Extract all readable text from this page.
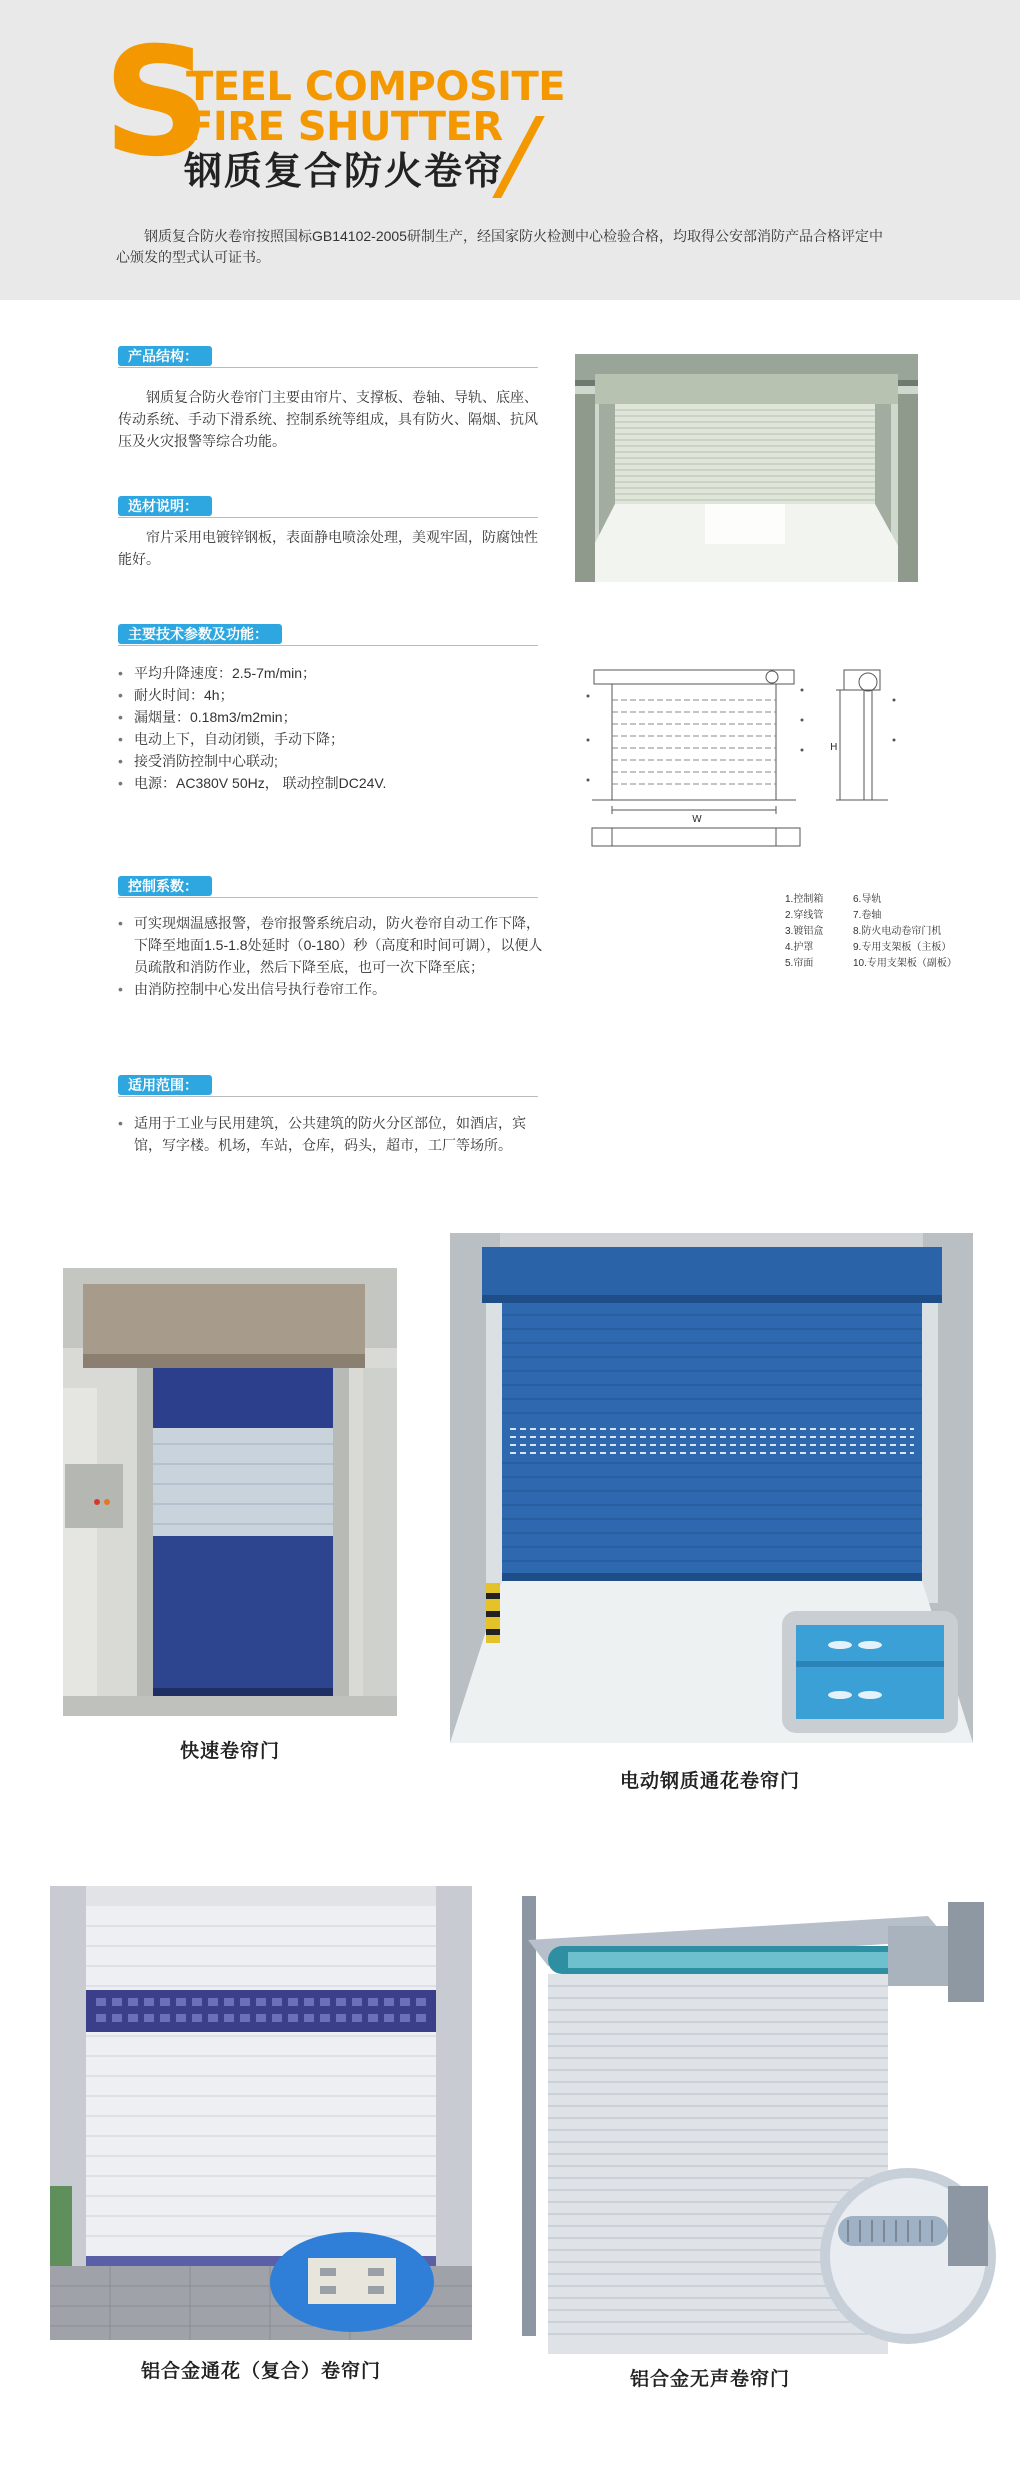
S
TEEL COMPOSITE
FIRE SHUTTER
钢质复合防火卷帘

钢质复合防火卷帘按照国标GB14102-2005研制生产，经国家防火检测中心检验合格，均取得公安部消防产品合格评定中心颁发的型式认可证书。

产品结构：

钢质复合防火卷帘门主要由帘片、支撑板、卷轴、导轨、底座、传动系统、手动下滑系统、控制系统等组成，具有防火、隔烟、抗风压及火灾报警等综合功能。

选材说明：

帘片采用电镀锌钢板，表面静电喷涂处理，美观牢固，防腐蚀性能好。

主要技术参数及功能：
• 平均升降速度：2.5-7m/min；
• 耐火时间：4h；
• 漏烟量：0.18m3/m2min；
• 电动上下，自动闭锁，手动下降；
• 接受消防控制中心联动;
• 电源：AC380V 50Hz， 联动控制DC24V.
W
H
1.控制箱
2.穿线管
3.镀铝盒
4.护罩
5.帘面
6.导轨
7.卷轴
8.防火电动卷帘门机
9.专用支架板（主板）
10.专用支架板（副板）
控制系数：
• 可实现烟温感报警，卷帘报警系统启动，防火卷帘自动工作下降，下降至地面1.5-1.8处延时（0-180）秒（高度和时间可调），以便人员疏散和消防作业，然后下降至底，也可一次下降至底；
• 由消防控制中心发出信号执行卷帘工作。
适用范围：
• 适用于工业与民用建筑，公共建筑的防火分区部位，如酒店，宾馆，写字楼。机场，车站，仓库，码头，超市，工厂等场所。
快速卷帘门
电动钢质通花卷帘门
铝合金通花（复合）卷帘门	铝合金无声卷帘门
